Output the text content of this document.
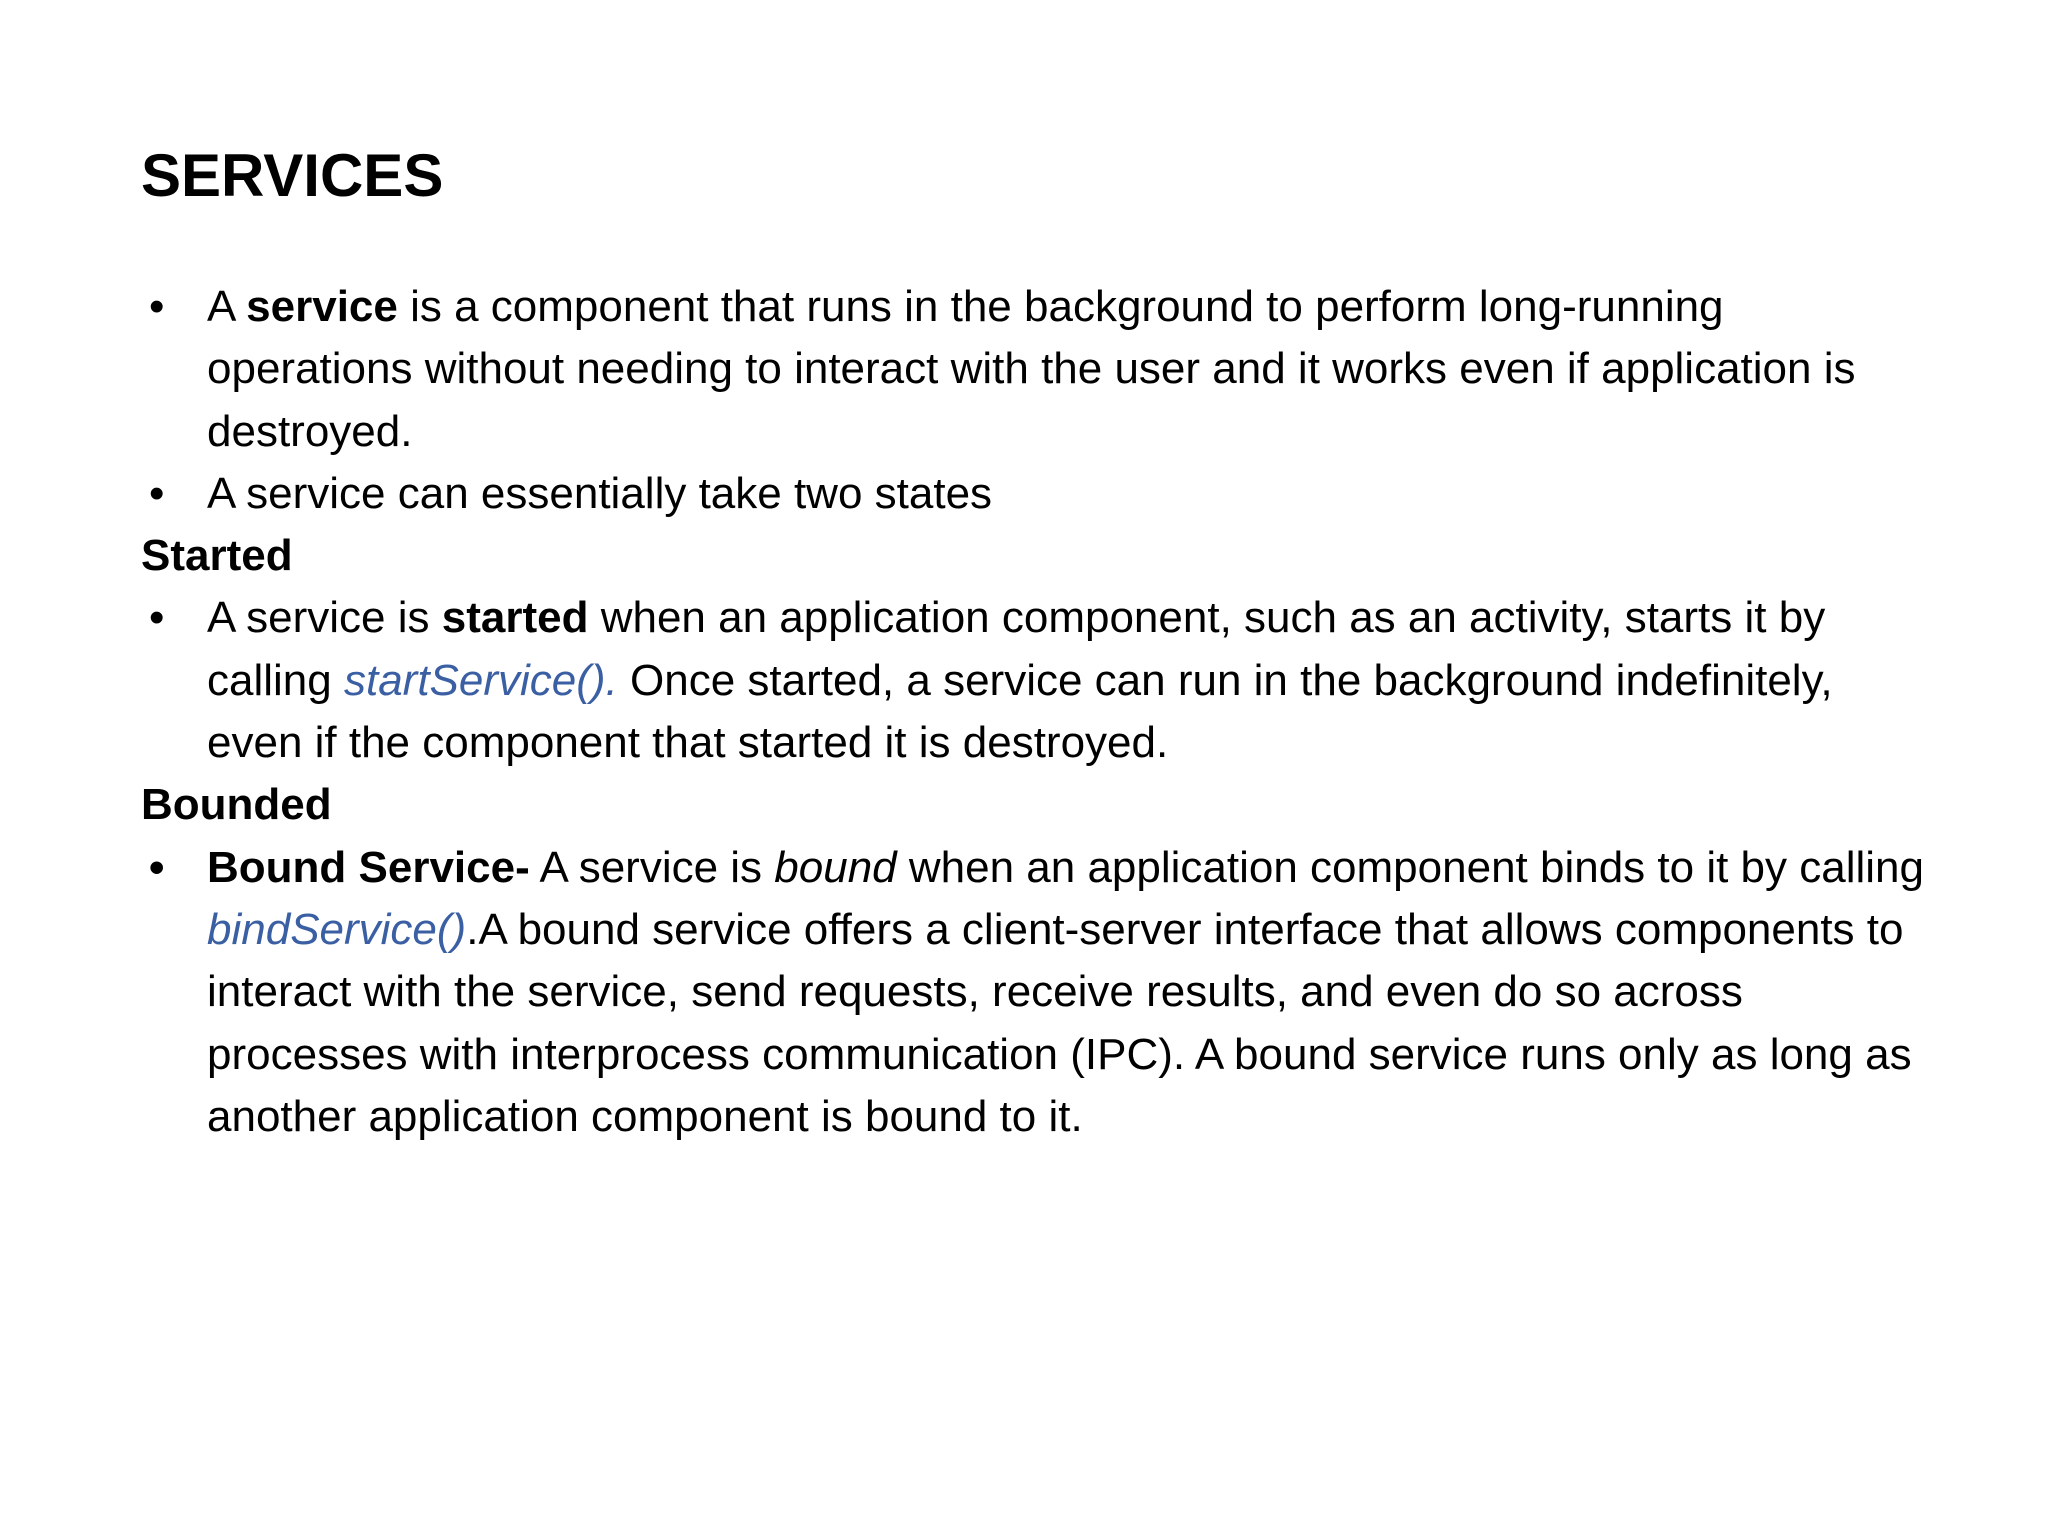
SERVICES
• A service is a component that runs in the background to perform long-running operations without needing to interact with the user and it works even if application is destroyed.
• A service can essentially take two states
Started
• A service is started when an application component, such as an activity, starts it by calling startService(). Once started, a service can run in the background indefinitely, even if the component that started it is destroyed.
Bounded
• Bound Service- A service is bound when an application component binds to it by calling bindService().A bound service offers a client-server interface that allows components to interact with the service, send requests, receive results, and even do so across processes with interprocess communication (IPC). A bound service runs only as long as another application component is bound to it.
